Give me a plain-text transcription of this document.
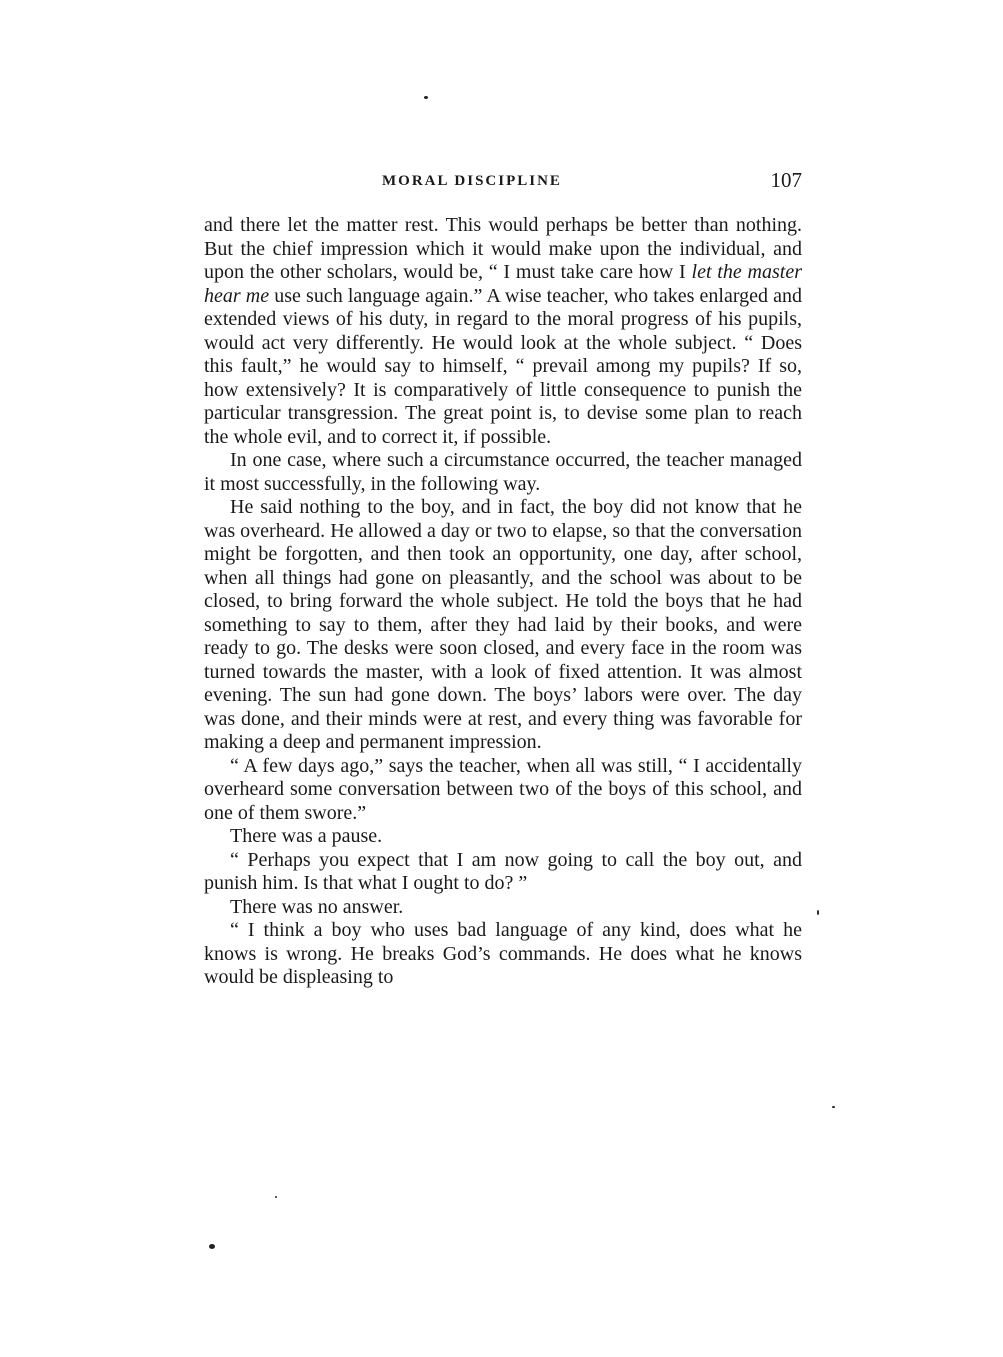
MORAL DISCIPLINE	107

and there let the matter rest. This would perhaps be better than nothing. But the chief impression which it would make upon the individual, and upon the other scholars, would be, “ I must take care how I let the master hear me use such language again.” A wise teacher, who takes enlarged and extended views of his duty, in regard to the moral progress of his pupils, would act very differently. He would look at the whole subject. “ Does this fault,” he would say to himself, “ prevail among my pupils? If so, how extensively? It is comparatively of little consequence to punish the particular transgression. The great point is, to devise some plan to reach the whole evil, and to correct it, if possible.

In one case, where such a circumstance occurred, the teacher managed it most successfully, in the following way.

He said nothing to the boy, and in fact, the boy did not know that he was overheard. He allowed a day or two to elapse, so that the conversation might be forgotten, and then took an opportunity, one day, after school, when all things had gone on pleasantly, and the school was about to be closed, to bring forward the whole subject. He told the boys that he had something to say to them, after they had laid by their books, and were ready to go. The desks were soon closed, and every face in the room was turned towards the master, with a look of fixed attention. It was almost evening. The sun had gone down. The boys’ labors were over. The day was done, and their minds were at rest, and every thing was favorable for making a deep and permanent impression.

“ A few days ago,” says the teacher, when all was still, “ I accidentally overheard some conversation between two of the boys of this school, and one of them swore.”

There was a pause.

“ Perhaps you expect that I am now going to call the boy out, and punish him. Is that what I ought to do? ”

There was no answer.

“ I think a boy who uses bad language of any kind, does what he knows is wrong. He breaks God’s commands. He does what he knows would be displeasing to
